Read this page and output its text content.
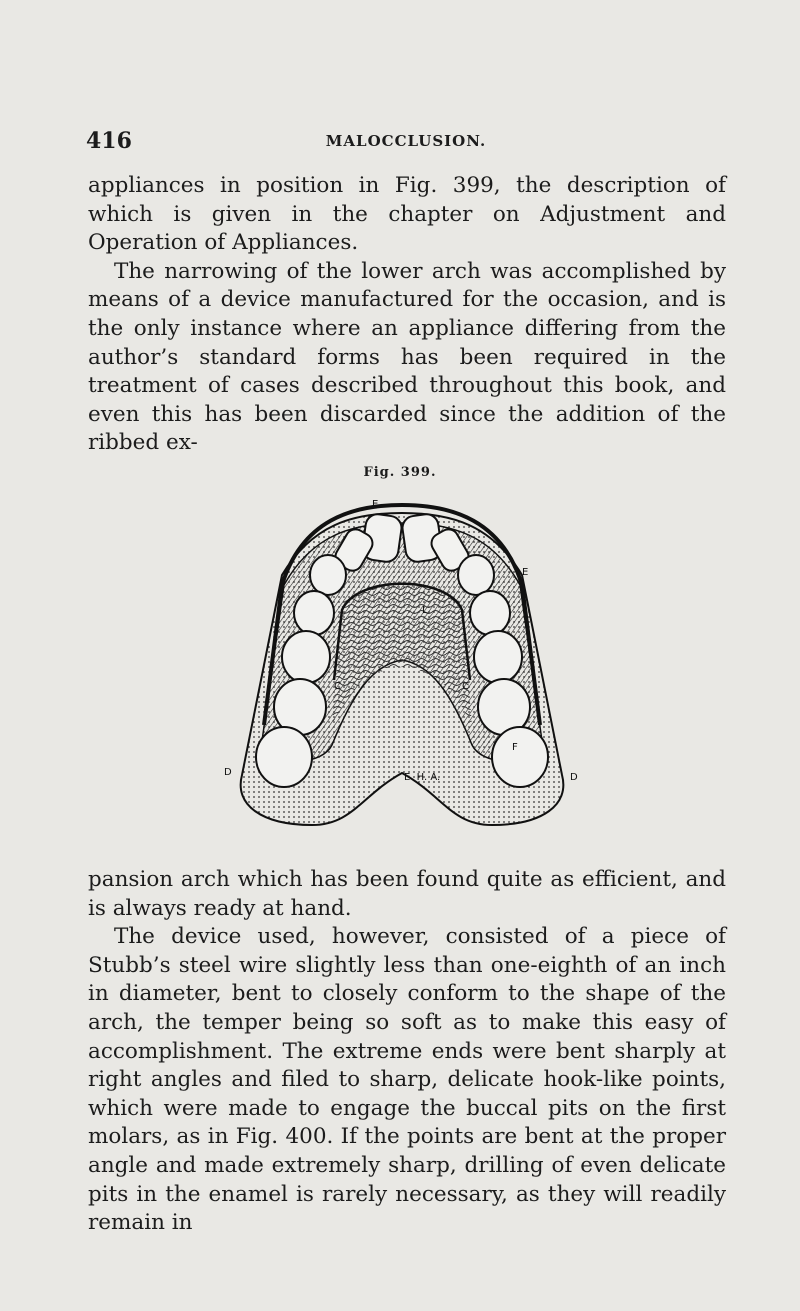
416	MALOCCLUSION.

appliances in position in Fig. 399, the description of which is given in the chapter on Adjustment and Operation of Appliances.

The narrowing of the lower arch was accomplished by means of a device manufactured for the occasion, and is the only instance where an appliance differing from the author’s standard forms has been required in the treatment of cases described throughout this book, and even this has been discarded since the addition of the ribbed ex-

Fig. 399.
E
E
L
C	C
D	D
F
E. H. A.

pansion arch which has been found quite as efficient, and is always ready at hand.

The device used, however, consisted of a piece of Stubb’s steel wire slightly less than one-eighth of an inch in diameter, bent to closely conform to the shape of the arch, the temper being so soft as to make this easy of accomplishment. The extreme ends were bent sharply at right angles and filed to sharp, delicate hook-like points, which were made to engage the buccal pits on the first molars, as in Fig. 400. If the points are bent at the proper angle and made extremely sharp, drilling of even delicate pits in the enamel is rarely necessary, as they will readily remain in
